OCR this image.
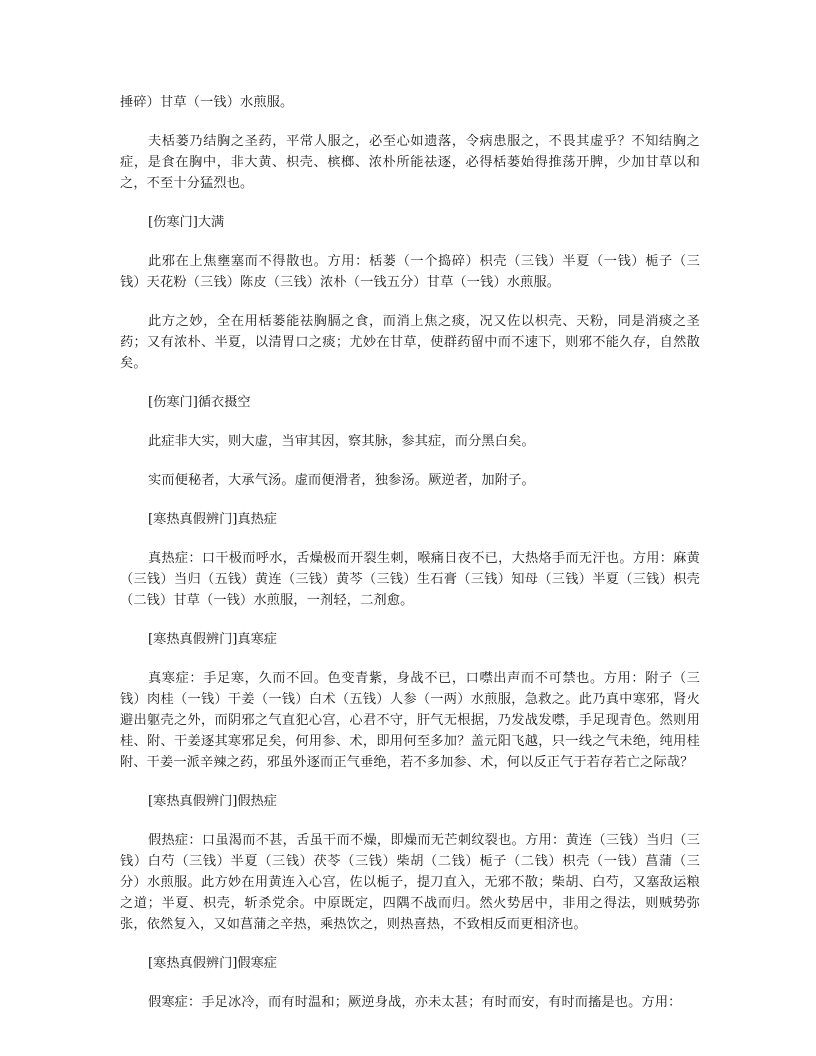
捶碎）甘草（一钱）水煎服。

夫栝蒌乃结胸之圣药，平常人服之，必至心如遗落，令病患服之，不畏其虚乎？不知结胸之症，是食在胸中，非大黄、枳壳、槟榔、浓朴所能祛逐，必得栝蒌始得推荡开脾，少加甘草以和之，不至十分猛烈也。

[伤寒门]大满

此邪在上焦壅塞而不得散也。方用：栝蒌（一个捣碎）枳壳（三钱）半夏（一钱）栀子（三钱）天花粉（三钱）陈皮（三钱）浓朴（一钱五分）甘草（一钱）水煎服。

此方之妙，全在用栝蒌能祛胸膈之食，而消上焦之痰，况又佐以枳壳、天粉，同是消痰之圣药；又有浓朴、半夏，以清胃口之痰；尤妙在甘草，使群药留中而不速下，则邪不能久存，自然散矣。

[伤寒门]循衣摄空

此症非大实，则大虚，当审其因，察其脉，参其症，而分黑白矣。

实而便秘者，大承气汤。虚而便滑者，独参汤。厥逆者，加附子。

[寒热真假辨门]真热症

真热症：口干极而呼水，舌燥极而开裂生刺，喉痛日夜不已，大热烙手而无汗也。方用：麻黄（三钱）当归（五钱）黄连（三钱）黄芩（三钱）生石膏（三钱）知母（三钱）半夏（三钱）枳壳（二钱）甘草（一钱）水煎服，一剂轻，二剂愈。

[寒热真假辨门]真寒症

真寒症：手足寒，久而不回。色变青紫，身战不已，口噤出声而不可禁也。方用：附子（三钱）肉桂（一钱）干姜（一钱）白术（五钱）人参（一两）水煎服，急救之。此乃真中寒邪，肾火避出躯壳之外，而阴邪之气直犯心宫，心君不守，肝气无根据，乃发战发噤，手足现青色。然则用桂、附、干姜逐其寒邪足矣，何用参、术，即用何至多加？盖元阳飞越，只一线之气未绝，纯用桂附、干姜一派辛辣之药，邪虽外逐而正气垂绝，若不多加参、术，何以反正气于若存若亡之际哉？

[寒热真假辨门]假热症

假热症：口虽渴而不甚，舌虽干而不燥，即燥而无芒刺纹裂也。方用：黄连（三钱）当归（三钱）白芍（三钱）半夏（三钱）茯苓（三钱）柴胡（二钱）栀子（二钱）枳壳（一钱）菖蒲（三分）水煎服。此方妙在用黄连入心宫，佐以栀子，提刀直入，无邪不散；柴胡、白芍，又塞敌运粮之道；半夏、枳壳，斩杀党余。中原既定，四隅不战而归。然火势居中，非用之得法，则贼势弥张，依然复入，又如菖蒲之辛热，乘热饮之，则热喜热，不致相反而更相济也。

[寒热真假辨门]假寒症

假寒症：手足冰冷，而有时温和；厥逆身战，亦未太甚；有时而安，有时而搐是也。方用：
